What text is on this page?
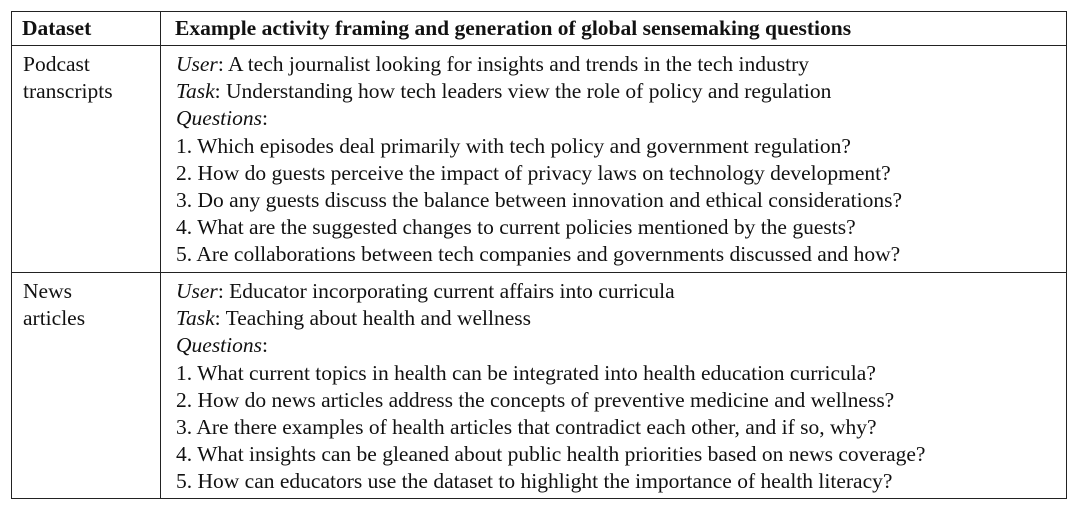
Dataset	Example activity framing and generation of global sensemaking questions
Podcast
transcripts
User: A tech journalist looking for insights and trends in the tech industry
Task: Understanding how tech leaders view the role of policy and regulation
Questions:
1. Which episodes deal primarily with tech policy and government regulation?
2. How do guests perceive the impact of privacy laws on technology development?
3. Do any guests discuss the balance between innovation and ethical considerations?
4. What are the suggested changes to current policies mentioned by the guests?
5. Are collaborations between tech companies and governments discussed and how?
News
articles
User: Educator incorporating current affairs into curricula
Task: Teaching about health and wellness
Questions:
1. What current topics in health can be integrated into health education curricula?
2. How do news articles address the concepts of preventive medicine and wellness?
3. Are there examples of health articles that contradict each other, and if so, why?
4. What insights can be gleaned about public health priorities based on news coverage?
5. How can educators use the dataset to highlight the importance of health literacy?
